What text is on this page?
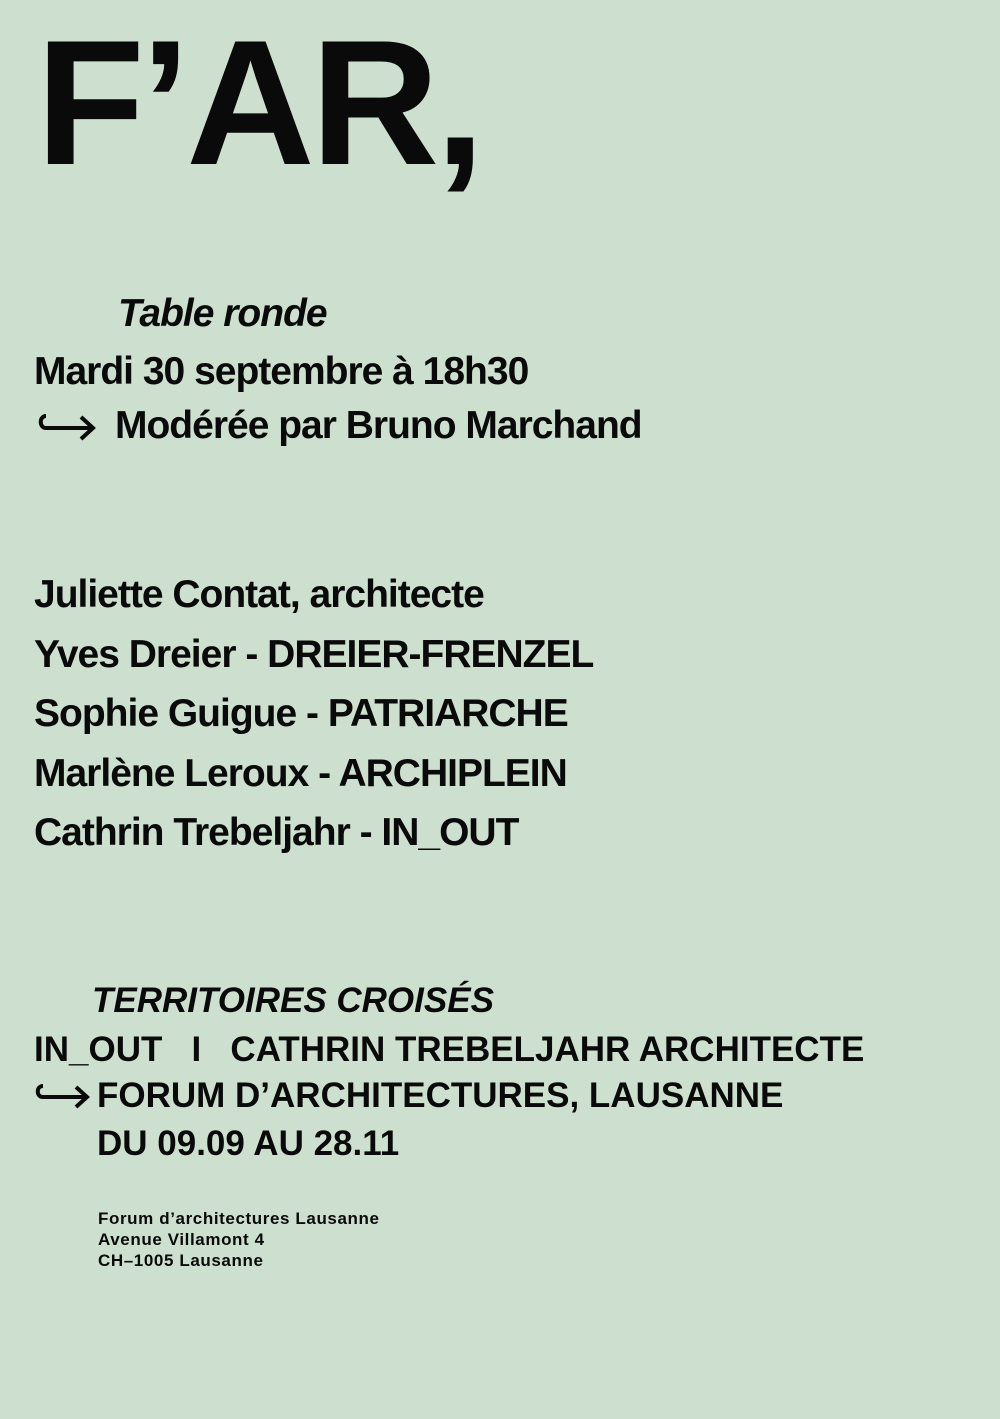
F’AR,
Table ronde
Mardi 30 septembre à 18h30
Modérée par Bruno Marchand
Juliette Contat, architecte
Yves Dreier - DREIER-FRENZEL
Sophie Guigue - PATRIARCHE
Marlène Leroux - ARCHIPLEIN
Cathrin Trebeljahr - IN_OUT
TERRITOIRES CROISÉS
IN_OUT   I   CATHRIN TREBELJAHR ARCHITECTE
FORUM D’ARCHITECTURES, LAUSANNE
DU 09.09 AU 28.11
Forum d’architectures Lausanne
Avenue Villamont 4
CH–1005 Lausanne
